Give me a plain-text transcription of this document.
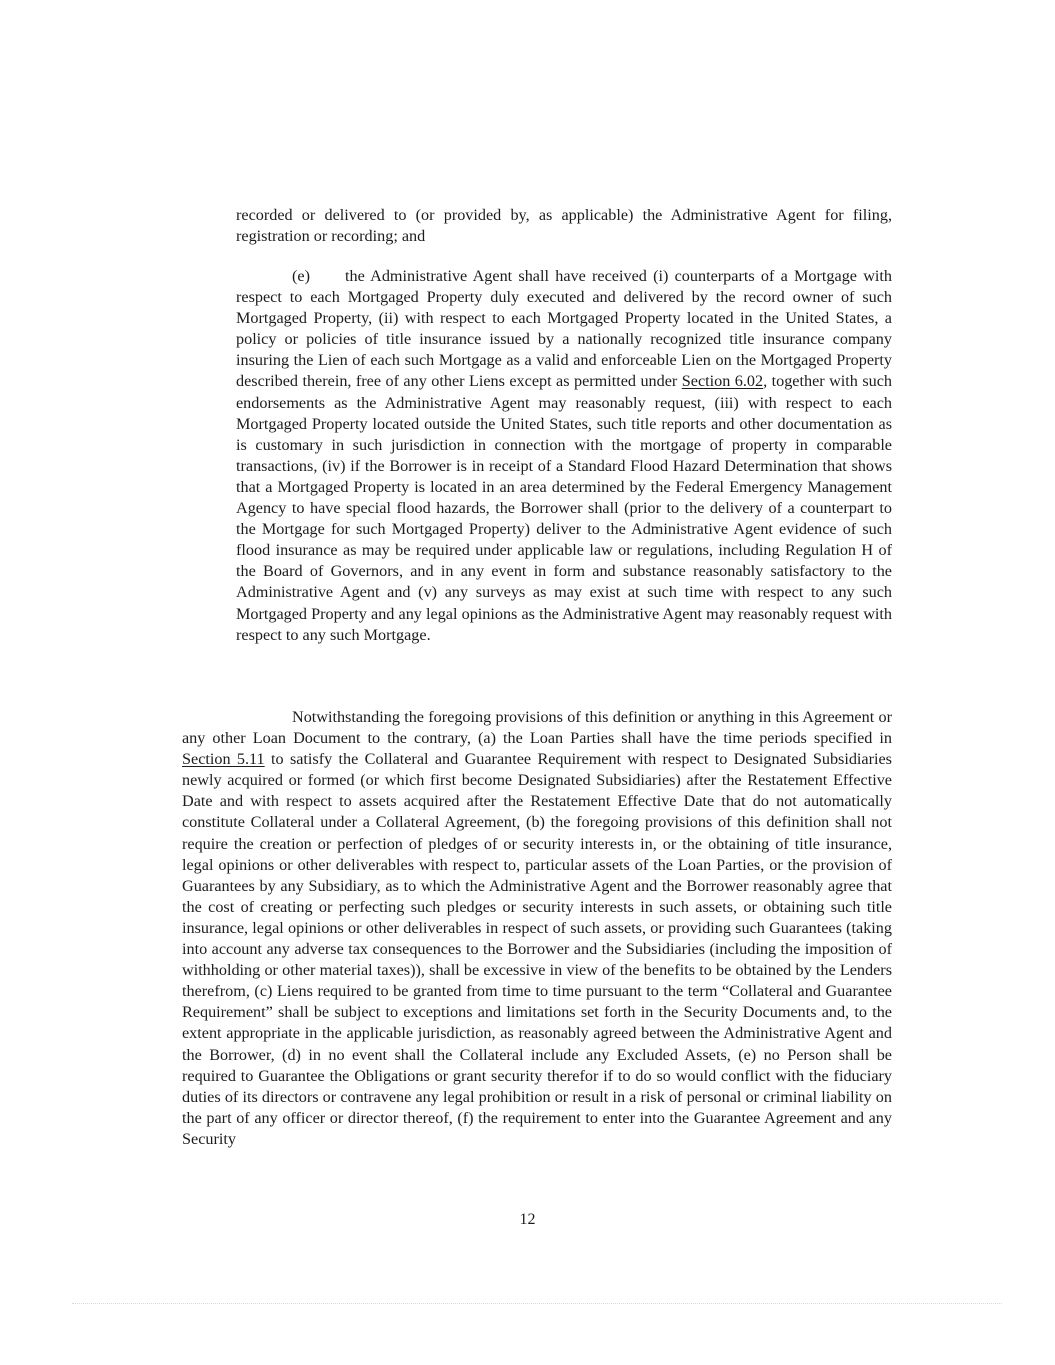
recorded or delivered to (or provided by, as applicable) the Administrative Agent for filing, registration or recording; and

(e) the Administrative Agent shall have received (i) counterparts of a Mortgage with respect to each Mortgaged Property duly executed and delivered by the record owner of such Mortgaged Property, (ii) with respect to each Mortgaged Property located in the United States, a policy or policies of title insurance issued by a nationally recognized title insurance company insuring the Lien of each such Mortgage as a valid and enforceable Lien on the Mortgaged Property described therein, free of any other Liens except as permitted under Section 6.02, together with such endorsements as the Administrative Agent may reasonably request, (iii) with respect to each Mortgaged Property located outside the United States, such title reports and other documentation as is customary in such jurisdiction in connection with the mortgage of property in comparable transactions, (iv) if the Borrower is in receipt of a Standard Flood Hazard Determination that shows that a Mortgaged Property is located in an area determined by the Federal Emergency Management Agency to have special flood hazards, the Borrower shall (prior to the delivery of a counterpart to the Mortgage for such Mortgaged Property) deliver to the Administrative Agent evidence of such flood insurance as may be required under applicable law or regulations, including Regulation H of the Board of Governors, and in any event in form and substance reasonably satisfactory to the Administrative Agent and (v) any surveys as may exist at such time with respect to any such Mortgaged Property and any legal opinions as the Administrative Agent may reasonably request with respect to any such Mortgage.

Notwithstanding the foregoing provisions of this definition or anything in this Agreement or any other Loan Document to the contrary, (a) the Loan Parties shall have the time periods specified in Section 5.11 to satisfy the Collateral and Guarantee Requirement with respect to Designated Subsidiaries newly acquired or formed (or which first become Designated Subsidiaries) after the Restatement Effective Date and with respect to assets acquired after the Restatement Effective Date that do not automatically constitute Collateral under a Collateral Agreement, (b) the foregoing provisions of this definition shall not require the creation or perfection of pledges of or security interests in, or the obtaining of title insurance, legal opinions or other deliverables with respect to, particular assets of the Loan Parties, or the provision of Guarantees by any Subsidiary, as to which the Administrative Agent and the Borrower reasonably agree that the cost of creating or perfecting such pledges or security interests in such assets, or obtaining such title insurance, legal opinions or other deliverables in respect of such assets, or providing such Guarantees (taking into account any adverse tax consequences to the Borrower and the Subsidiaries (including the imposition of withholding or other material taxes)), shall be excessive in view of the benefits to be obtained by the Lenders therefrom, (c) Liens required to be granted from time to time pursuant to the term “Collateral and Guarantee Requirement” shall be subject to exceptions and limitations set forth in the Security Documents and, to the extent appropriate in the applicable jurisdiction, as reasonably agreed between the Administrative Agent and the Borrower, (d) in no event shall the Collateral include any Excluded Assets, (e) no Person shall be required to Guarantee the Obligations or grant security therefor if to do so would conflict with the fiduciary duties of its directors or contravene any legal prohibition or result in a risk of personal or criminal liability on the part of any officer or director thereof, (f) the requirement to enter into the Guarantee Agreement and any Security

12
